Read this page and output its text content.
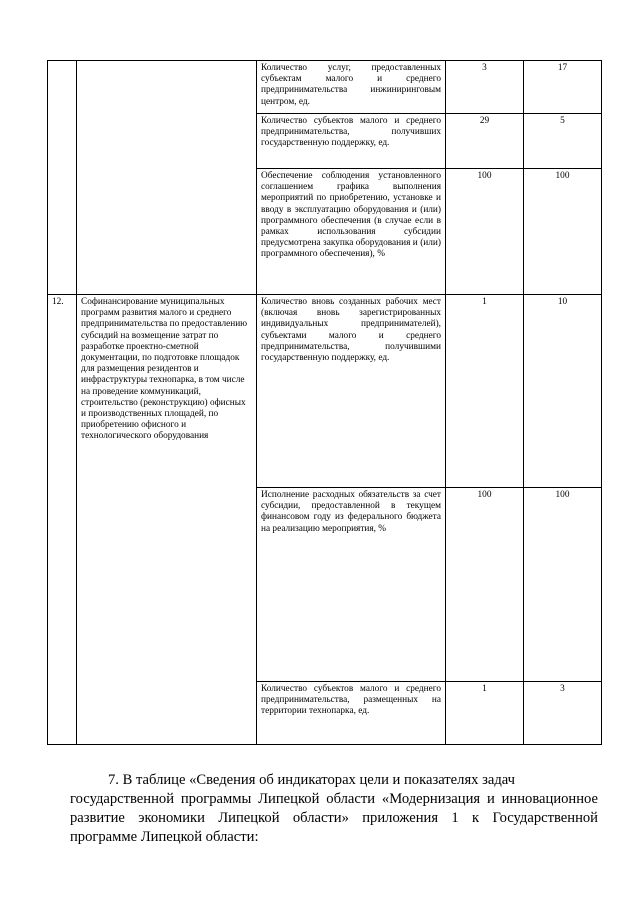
		Количество услуг, предоставленных субъектам малого и среднего предпринимательства инжиниринговым центром, ед.	3	17
		Количество субъектов малого и среднего предпринимательства, получивших государственную поддержку, ед.	29	5
		Обеспечение соблюдения установленного соглашением графика выполнения мероприятий по приобретению, установке и вводу в эксплуатацию оборудования и (или) программного обеспечения (в случае если в рамках использования субсидии предусмотрена закупка оборудования и (или) программного обеспечения), %	100	100
12.	Софинансирование муниципальных программ развития малого и среднего предпринимательства по предоставлению субсидий на возмещение затрат по разработке проектно-сметной документации, по подготовке площадок для размещения резидентов и инфраструктуры технопарка, в том числе на проведение коммуникаций, строительство (реконструкцию) офисных и производственных площадей, по приобретению офисного и технологического оборудования	Количество вновь созданных рабочих мест (включая вновь зарегистрированных индивидуальных предпринимателей), субъектами малого и среднего предпринимательства, получившими государственную поддержку, ед.	1	10
		Исполнение расходных обязательств за счет субсидии, предоставленной в текущем финансовом году из федерального бюджета на реализацию мероприятия, %	100	100
		Количество субъектов малого и среднего предпринимательства, размещенных на территории технопарка, ед.	1	3

7. В таблице «Сведения об индикаторах цели и показателях задач
государственной программы Липецкой области «Модернизация и инновационное развитие экономики Липецкой области» приложения 1 к Государственной программе Липецкой области:
